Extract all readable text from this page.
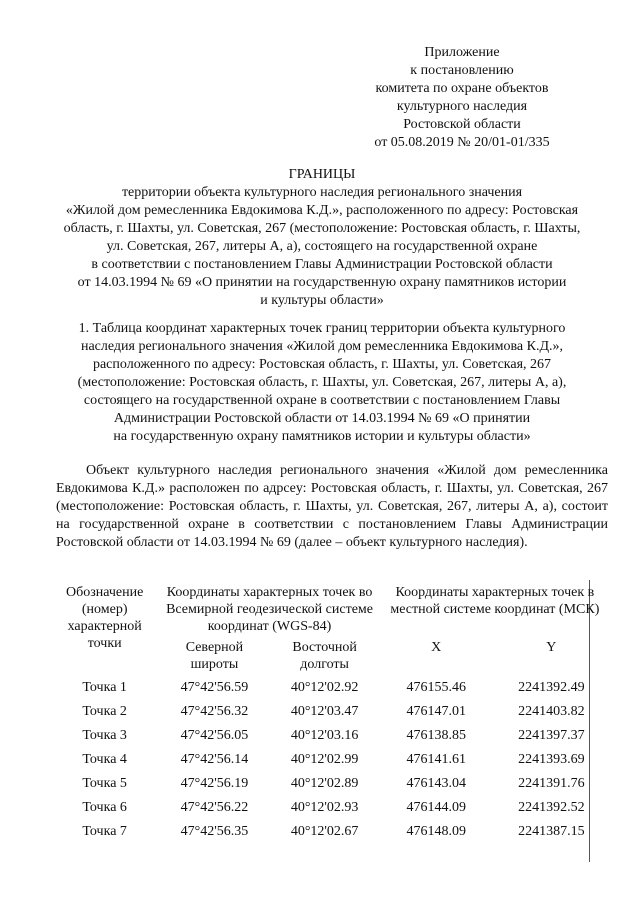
Приложение
к постановлению
комитета по охране объектов
культурного наследия
Ростовской области
от 05.08.2019 № 20/01-01/335
ГРАНИЦЫ
территории объекта культурного наследия регионального значения
«Жилой дом ремесленника Евдокимова К.Д.», расположенного по адресу: Ростовская
область, г. Шахты, ул. Советская, 267 (местоположение: Ростовская область, г. Шахты,
ул. Советская, 267, литеры А, а), состоящего на государственной охране
в соответствии с постановлением Главы Администрации Ростовской области
от 14.03.1994 № 69 «О принятии на государственную охрану памятников истории
и культуры области»
1. Таблица координат характерных точек границ территории объекта культурного
наследия регионального значения «Жилой дом ремесленника Евдокимова К.Д.»,
расположенного по адресу: Ростовская область, г. Шахты, ул. Советская, 267
(местоположение: Ростовская область, г. Шахты, ул. Советская, 267, литеры А, а),
состоящего на государственной охране в соответствии с постановлением Главы
Администрации Ростовской области от 14.03.1994 № 69 «О принятии
на государственную охрану памятников истории и культуры области»

Объект культурного наследия регионального значения «Жилой дом ремесленника Евдокимова К.Д.» расположен по адрсeу: Ростовская область, г. Шахты, ул. Советская, 267 (местоположение: Ростовская область, г. Шахты, ул. Советская, 267, литеры А, а), состоит на государственной охране в соответствии с постановлением Главы Администрации Ростовской области от 14.03.1994 № 69 (далее – объект культурного наследия).

Обозначение (номер) характерной точки	Координаты характерных точек во Всемирной геодезической системе координат (WGS-84)		Координаты характерных точек в местной системе координат (МСК)	
	Северной широты	Восточной долготы	X	Y
Точка 1	47°42'56.59	40°12'02.92	476155.46	2241392.49
Точка 2	47°42'56.32	40°12'03.47	476147.01	2241403.82
Точка 3	47°42'56.05	40°12'03.16	476138.85	2241397.37
Точка 4	47°42'56.14	40°12'02.99	476141.61	2241393.69
Точка 5	47°42'56.19	40°12'02.89	476143.04	2241391.76
Точка 6	47°42'56.22	40°12'02.93	476144.09	2241392.52
Точка 7	47°42'56.35	40°12'02.67	476148.09	2241387.15
